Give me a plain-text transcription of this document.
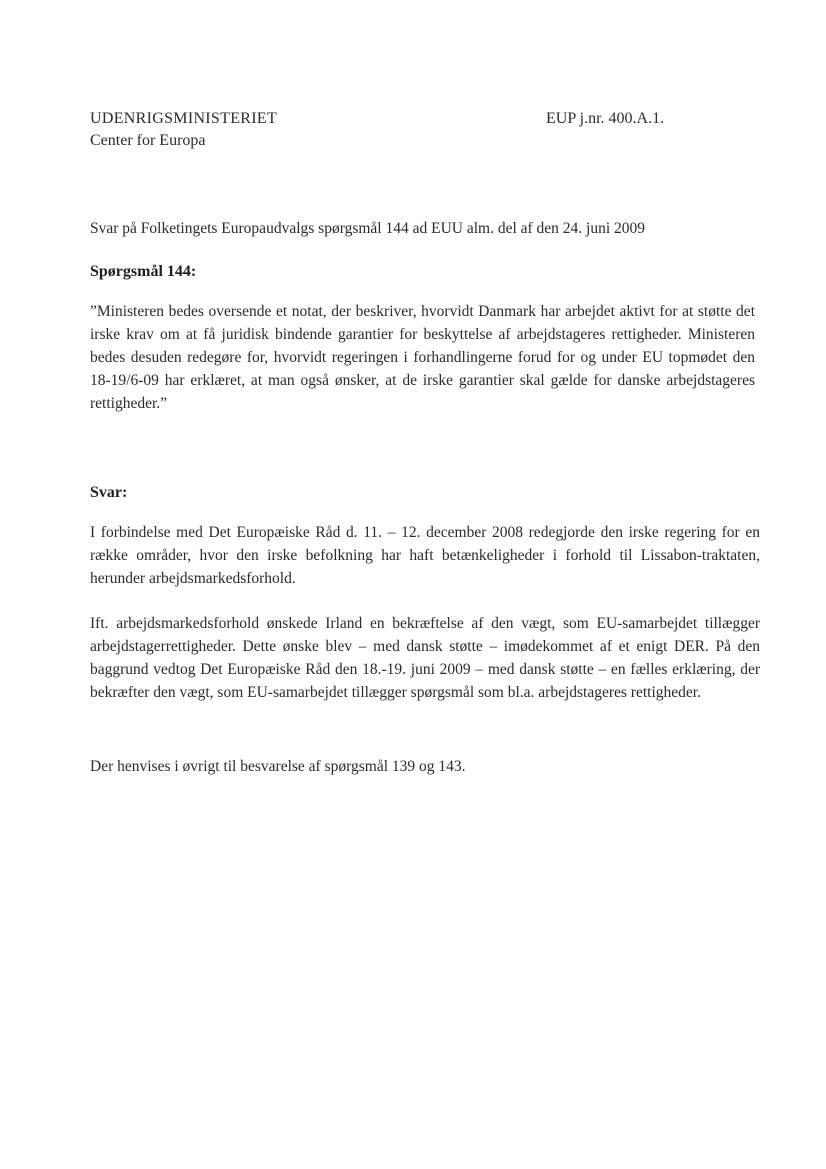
UDENRIGSMINISTERIET
Center for Europa
EUP j.nr. 400.A.1.
Svar på Folketingets Europaudvalgs spørgsmål 144 ad EUU alm. del af den 24. juni 2009
Spørgsmål 144:
”Ministeren bedes oversende et notat, der beskriver, hvorvidt Danmark har arbejdet aktivt for at støtte det irske krav om at få juridisk bindende garantier for beskyttelse af arbejdstageres rettigheder. Ministeren bedes desuden redegøre for, hvorvidt regeringen i forhandlingerne forud for og under EU topmødet den 18-19/6-09 har erklæret, at man også ønsker, at de irske garantier skal gælde for danske arbejdstageres rettigheder.”
Svar:
I forbindelse med Det Europæiske Råd d. 11. – 12. december 2008 redegjorde den irske regering for en række områder, hvor den irske befolkning har haft betænkeligheder i forhold til Lissabon-traktaten, herunder arbejdsmarkedsforhold.
Ift. arbejdsmarkedsforhold ønskede Irland en bekræftelse af den vægt, som EU-samarbejdet tillægger arbejdstagerrettigheder. Dette ønske blev – med dansk støtte – imødekommet af et enigt DER. På den baggrund vedtog Det Europæiske Råd den 18.-19. juni 2009 – med dansk støtte – en fælles erklæring, der bekræfter den vægt, som EU-samarbejdet tillægger spørgsmål som bl.a. arbejdstageres rettigheder.
Der henvises i øvrigt til besvarelse af spørgsmål 139 og 143.
